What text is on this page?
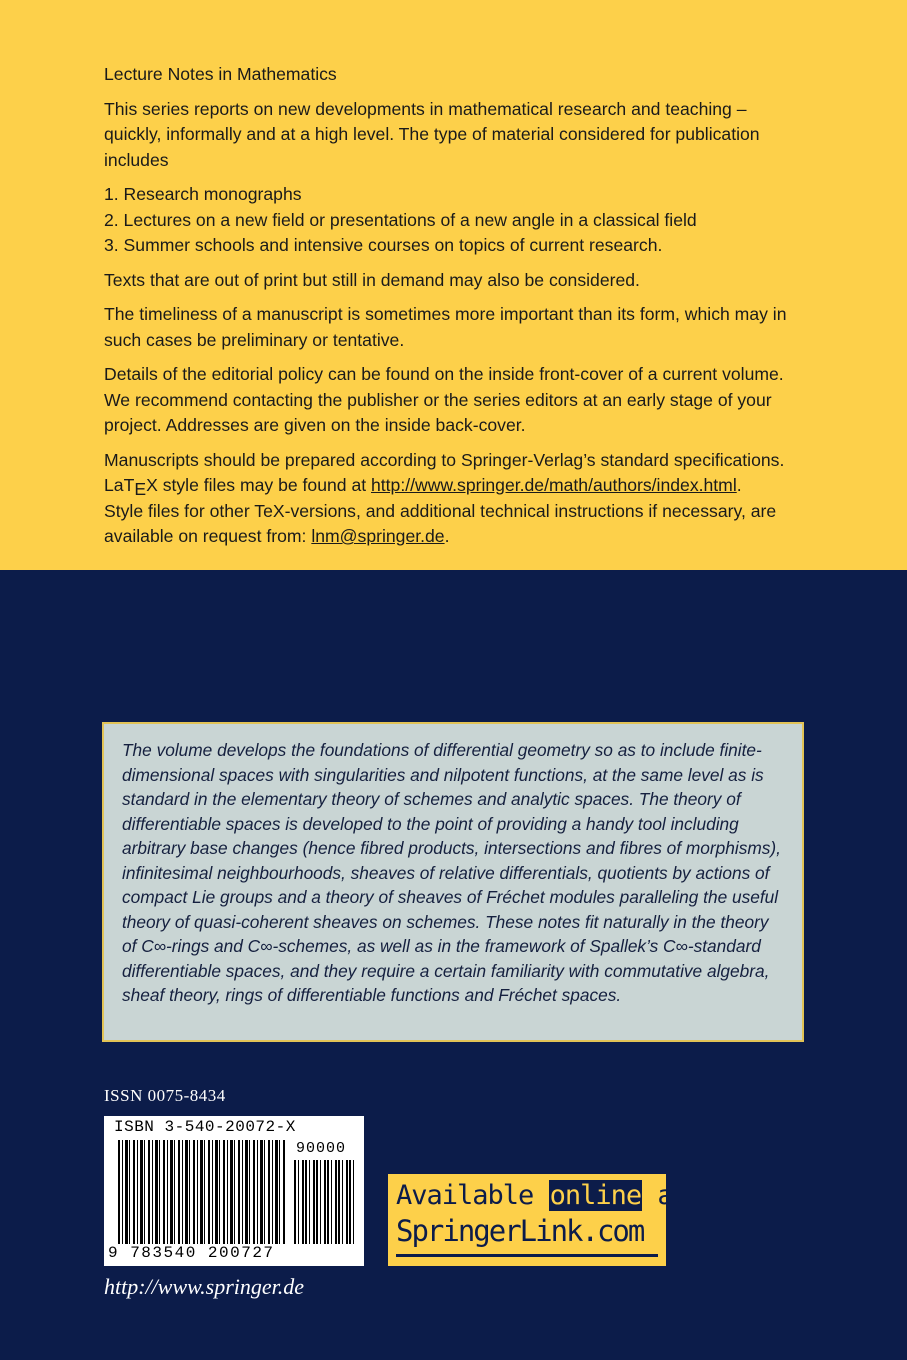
Lecture Notes in Mathematics

This series reports on new developments in mathematical research and teaching – quickly, informally and at a high level. The type of material considered for publication includes

1. Research monographs
2. Lectures on a new field or presentations of a new angle in a classical field
3. Summer schools and intensive courses on topics of current research.

Texts that are out of print but still in demand may also be considered.

The timeliness of a manuscript is sometimes more important than its form, which may in such cases be preliminary or tentative.

Details of the editorial policy can be found on the inside front-cover of a current volume. We recommend contacting the publisher or the series editors at an early stage of your project. Addresses are given on the inside back-cover.

Manuscripts should be prepared according to Springer-Verlag’s standard specifications.
LaTEX style files may be found at http://www.springer.de/math/authors/index.html.
Style files for other TeX-versions, and additional technical instructions if necessary, are available on request from: lnm@springer.de.

The volume develops the foundations of differential geometry so as to include finite-dimensional spaces with singularities and nilpotent functions, at the same level as is standard in the elementary theory of schemes and analytic spaces. The theory of differentiable spaces is developed to the point of providing a handy tool including arbitrary base changes (hence fibred products, intersections and fibres of morphisms), infinitesimal neighbourhoods, sheaves of relative differentials, quotients by actions of compact Lie groups and a theory of sheaves of Fréchet modules paralleling the useful theory of quasi-coherent sheaves on schemes. These notes fit naturally in the theory of C∞-rings and C∞-schemes, as well as in the framework of Spallek’s C∞-standard differentiable spaces, and they require a certain familiarity with commutative algebra, sheaf theory, rings of differentiable functions and Fréchet spaces.

ISSN 0075-8434
ISBN 3-540-20072-X
90000
9 783540 200727
Available online at
SpringerLink.com
http://www.springer.de
